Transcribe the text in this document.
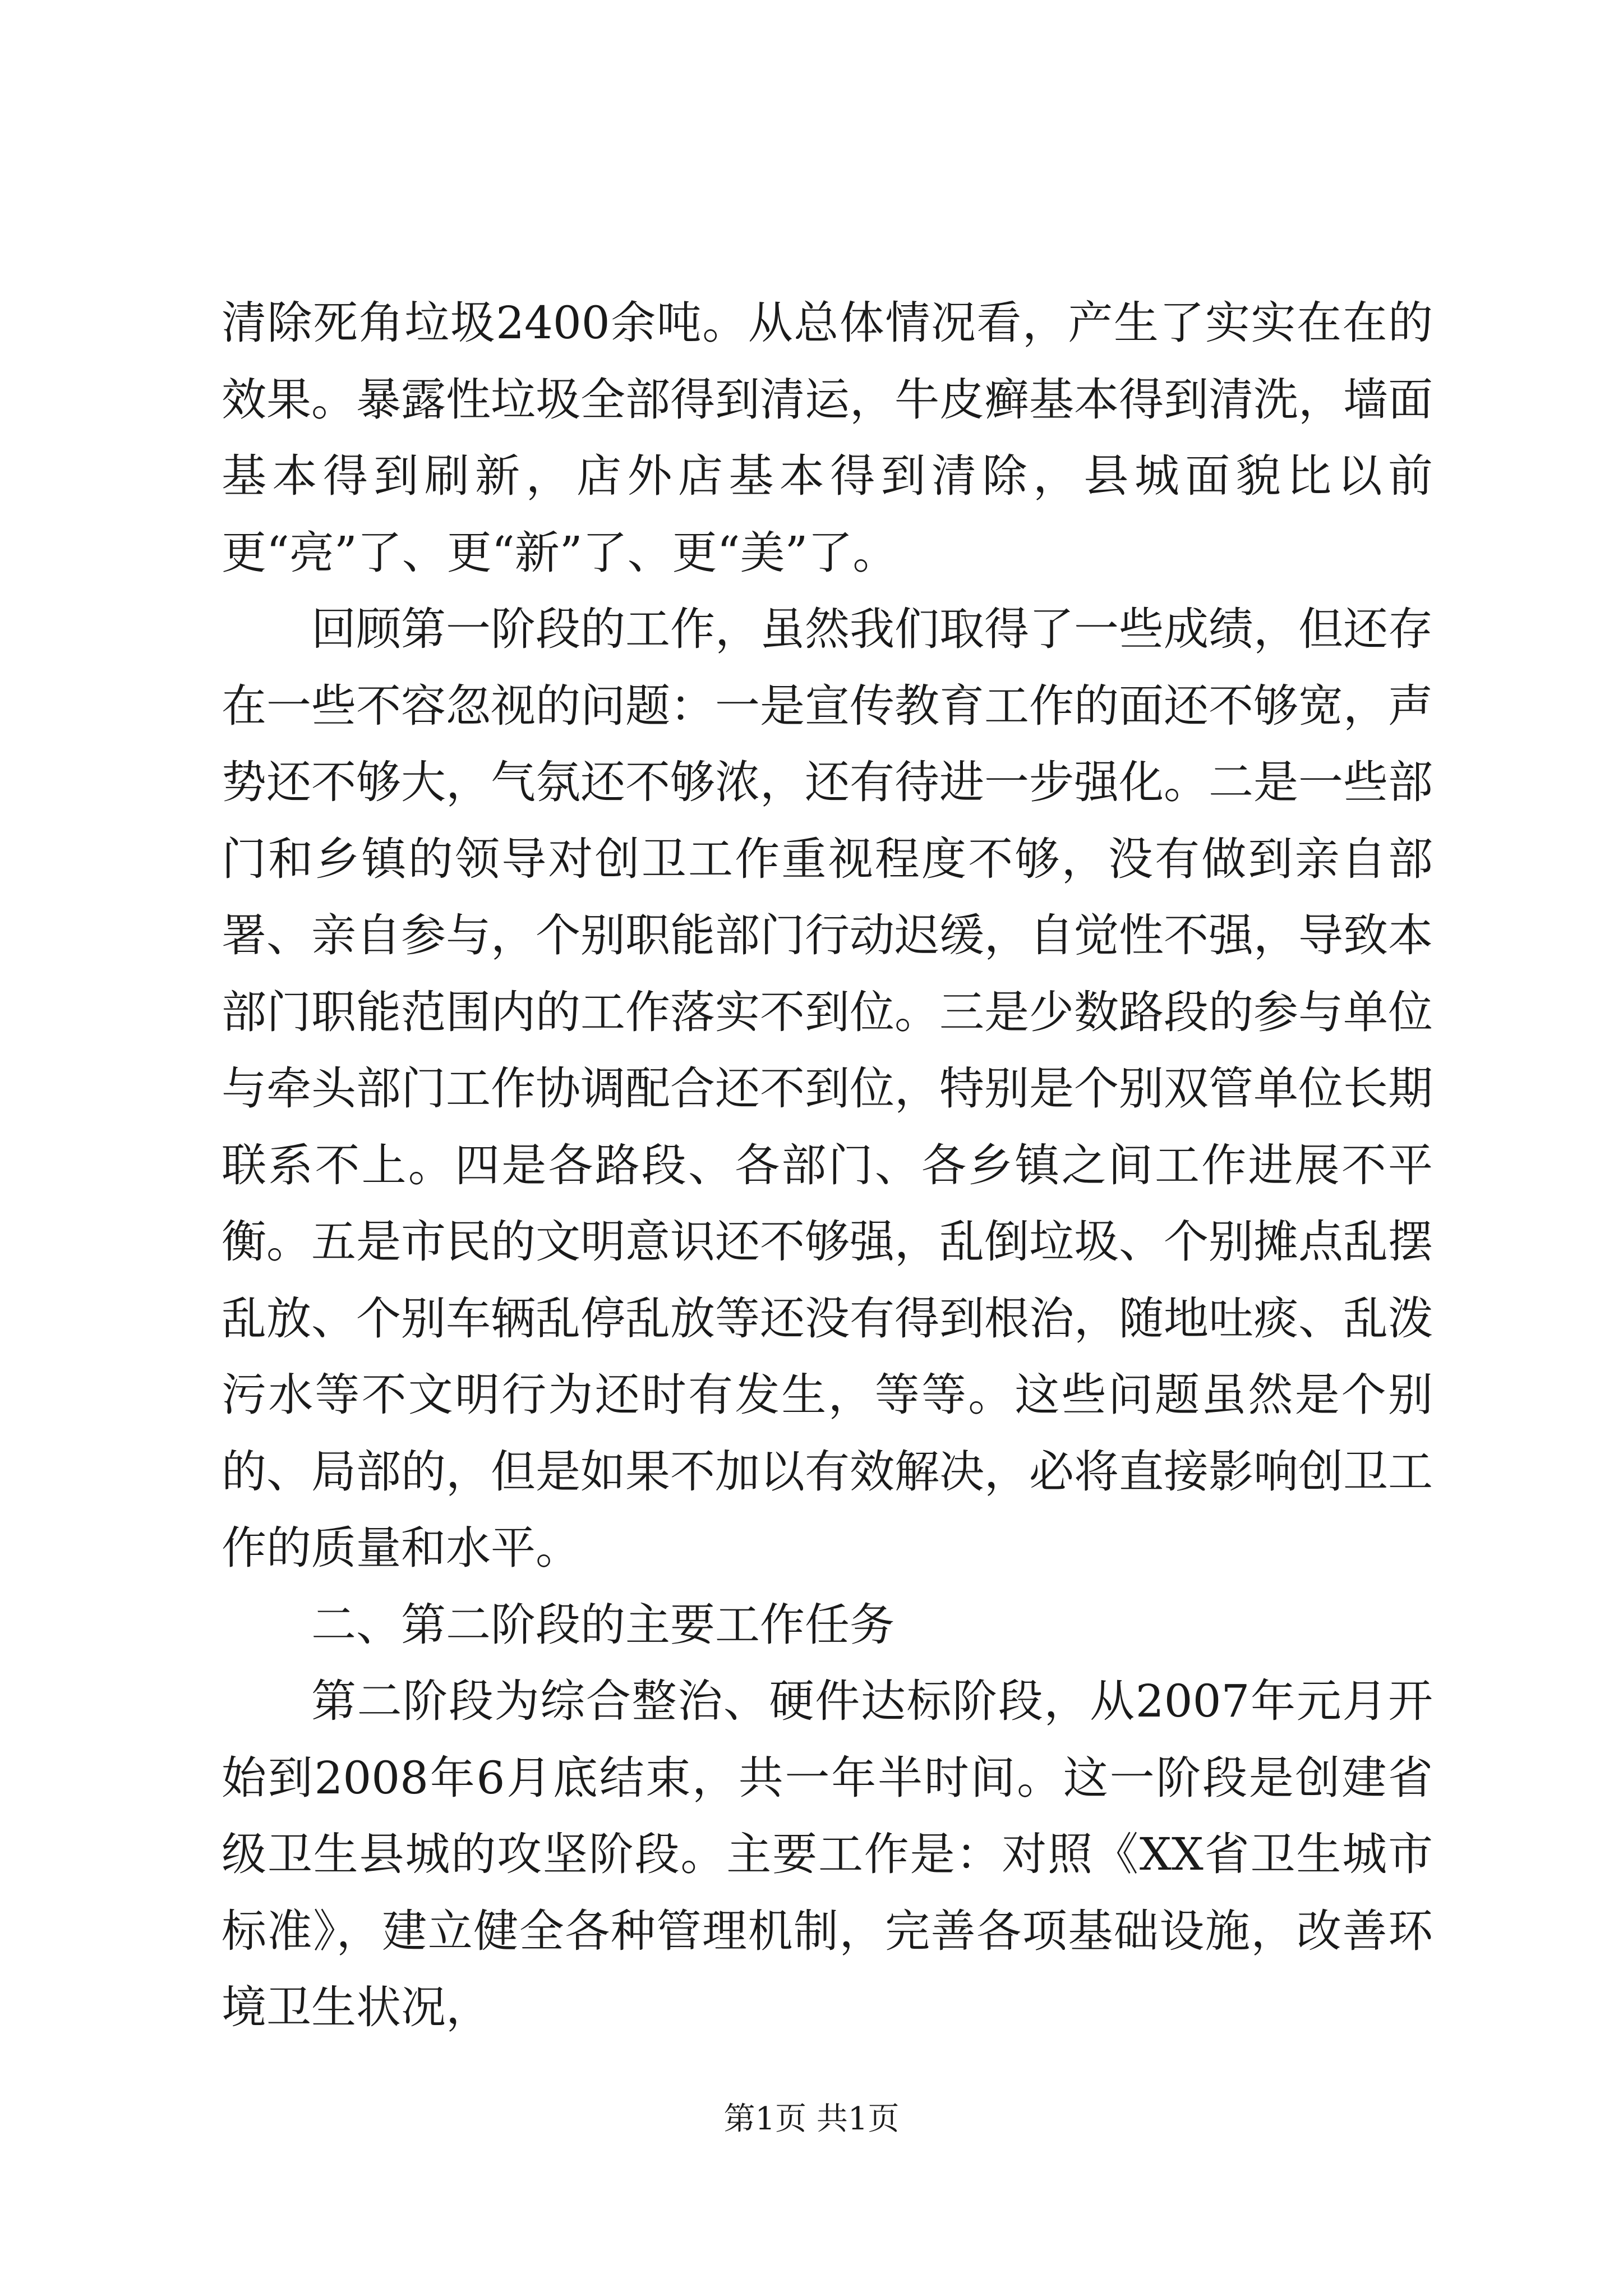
清除死角垃圾2400余吨。从总体情况看，产生了实实在在的效果。暴露性垃圾全部得到清运，牛皮癣基本得到清洗，墙面基本得到刷新，店外店基本得到清除，县城面貌比以前更“亮”了、更“新”了、更“美”了。

回顾第一阶段的工作，虽然我们取得了一些成绩，但还存在一些不容忽视的问题：一是宣传教育工作的面还不够宽，声势还不够大，气氛还不够浓，还有待进一步强化。二是一些部门和乡镇的领导对创卫工作重视程度不够，没有做到亲自部署、亲自参与，个别职能部门行动迟缓，自觉性不强，导致本部门职能范围内的工作落实不到位。三是少数路段的参与单位与牵头部门工作协调配合还不到位，特别是个别双管单位长期联系不上。四是各路段、各部门、各乡镇之间工作进展不平衡。五是市民的文明意识还不够强，乱倒垃圾、个别摊点乱摆乱放、个别车辆乱停乱放等还没有得到根治，随地吐痰、乱泼污水等不文明行为还时有发生，等等。这些问题虽然是个别的、局部的，但是如果不加以有效解决，必将直接影响创卫工作的质量和水平。

二、第二阶段的主要工作任务

第二阶段为综合整治、硬件达标阶段，从2007年元月开始到2008年6月底结束，共一年半时间。这一阶段是创建省级卫生县城的攻坚阶段。主要工作是：对照《XX省卫生城市标准》，建立健全各种管理机制，完善各项基础设施，改善环境卫生状况，

第1页 共1页
